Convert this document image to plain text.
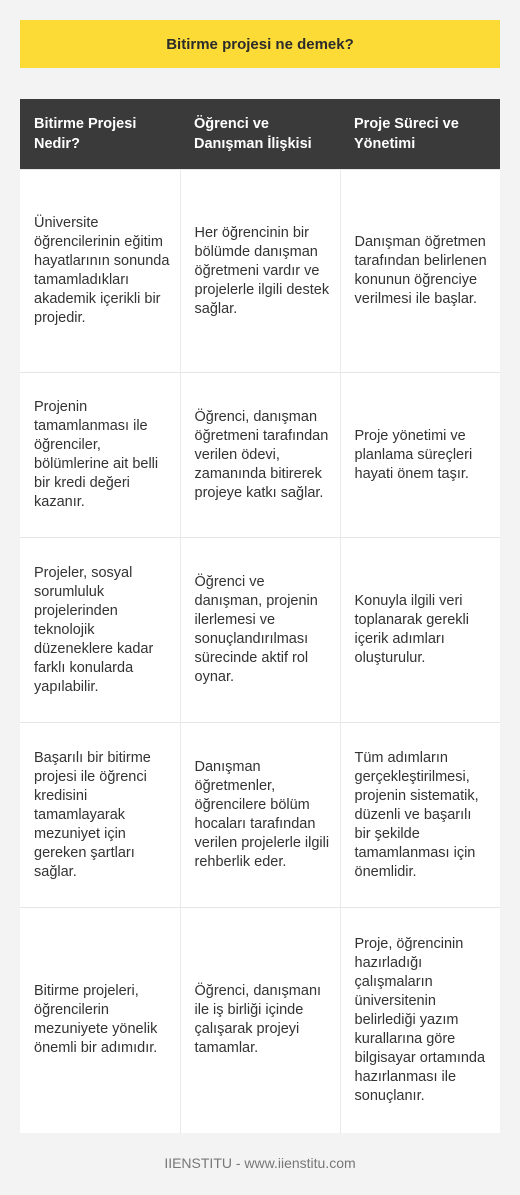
Bitirme projesi ne demek?
Bitirme Projesi Nedir?	Öğrenci ve Danışman İlişkisi	Proje Süreci ve Yönetimi
Üniversite öğrencilerinin eğitim hayatlarının sonunda tamamladıkları akademik içerikli bir projedir.	Her öğrencinin bir bölümde danışman öğretmeni vardır ve projelerle ilgili destek sağlar.	Danışman öğretmen tarafından belirlenen konunun öğrenciye verilmesi ile başlar.
Projenin tamamlanması ile öğrenciler, bölümlerine ait belli bir kredi değeri kazanır.	Öğrenci, danışman öğretmeni tarafından verilen ödevi, zamanında bitirerek projeye katkı sağlar.	Proje yönetimi ve planlama süreçleri hayati önem taşır.
Projeler, sosyal sorumluluk projelerinden teknolojik düzeneklere kadar farklı konularda yapılabilir.	Öğrenci ve danışman, projenin ilerlemesi ve sonuçlandırılması sürecinde aktif rol oynar.	Konuyla ilgili veri toplanarak gerekli içerik adımları oluşturulur.
Başarılı bir bitirme projesi ile öğrenci kredisini tamamlayarak mezuniyet için gereken şartları sağlar.	Danışman öğretmenler, öğrencilere bölüm hocaları tarafından verilen projelerle ilgili rehberlik eder.	Tüm adımların gerçekleştirilmesi, projenin sistematik, düzenli ve başarılı bir şekilde tamamlanması için önemlidir.
Bitirme projeleri, öğrencilerin mezuniyete yönelik önemli bir adımıdır.	Öğrenci, danışmanı ile iş birliği içinde çalışarak projeyi tamamlar.	Proje, öğrencinin hazırladığı çalışmaların üniversitenin belirlediği yazım kurallarına göre bilgisayar ortamında hazırlanması ile sonuçlanır.
IIENSTITU - www.iienstitu.com
